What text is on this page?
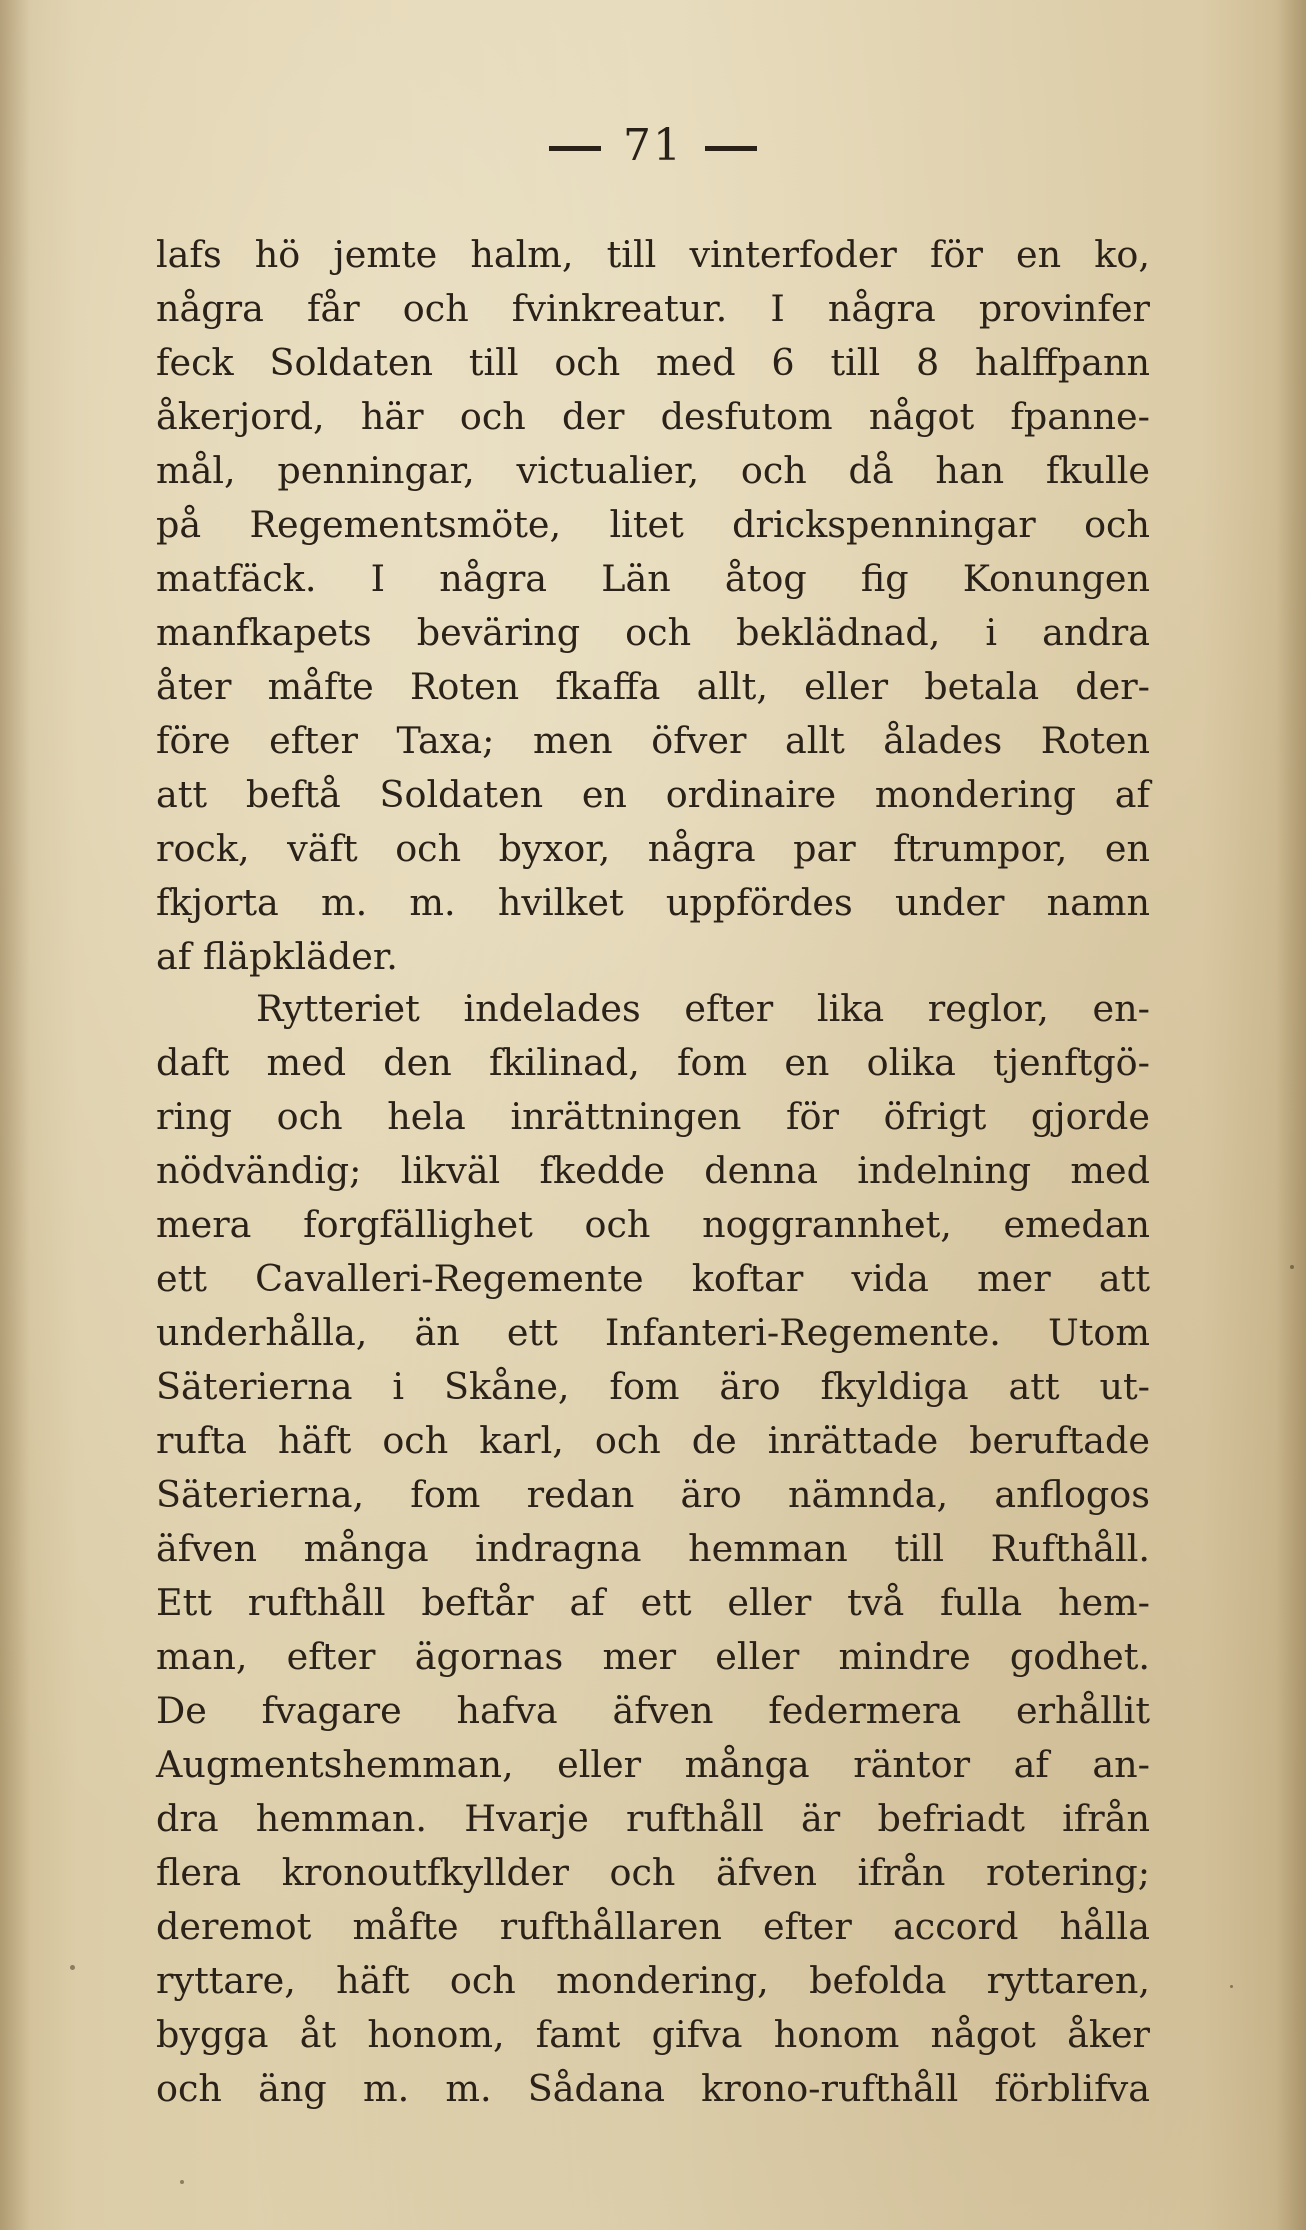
71
lafs hö jemte halm, till vinterfoder för en ko,
några får och fvinkreatur. I några provinfer
feck Soldaten till och med 6 till 8 halffpann
åkerjord, här och der desfutom något fpanne-
mål, penningar, victualier, och då han fkulle
på Regementsmöte, litet drickspenningar och
matfäck. I några Län åtog fig Konungen
manfkapets beväring och beklädnad, i andra
åter måfte Roten fkaffa allt, eller betala der-
före efter Taxa; men öfver allt ålades Roten
att beftå Soldaten en ordinaire mondering af
rock, väft och byxor, några par ftrumpor, en
fkjorta m. m. hvilket uppfördes under namn
af fläpkläder.
Rytteriet indelades efter lika reglor, en-
daft med den fkilinad, fom en olika tjenftgö-
ring och hela inrättningen för öfrigt gjorde
nödvändig; likväl fkedde denna indelning med
mera forgfällighet och noggrannhet, emedan
ett Cavalleri-Regemente koftar vida mer att
underhålla, än ett Infanteri-Regemente. Utom
Säterierna i Skåne, fom äro fkyldiga att ut-
rufta häft och karl, och de inrättade beruftade
Säterierna, fom redan äro nämnda, anflogos
äfven många indragna hemman till Rufthåll.
Ett rufthåll beftår af ett eller två fulla hem-
man, efter ägornas mer eller mindre godhet.
De fvagare hafva äfven federmera erhållit
Augmentshemman, eller många räntor af an-
dra hemman. Hvarje rufthåll är befriadt ifrån
flera kronoutfkyllder och äfven ifrån rotering;
deremot måfte rufthållaren efter accord hålla
ryttare, häft och mondering, befolda ryttaren,
bygga åt honom, famt gifva honom något åker
och äng m. m. Sådana krono-rufthåll förblifva
